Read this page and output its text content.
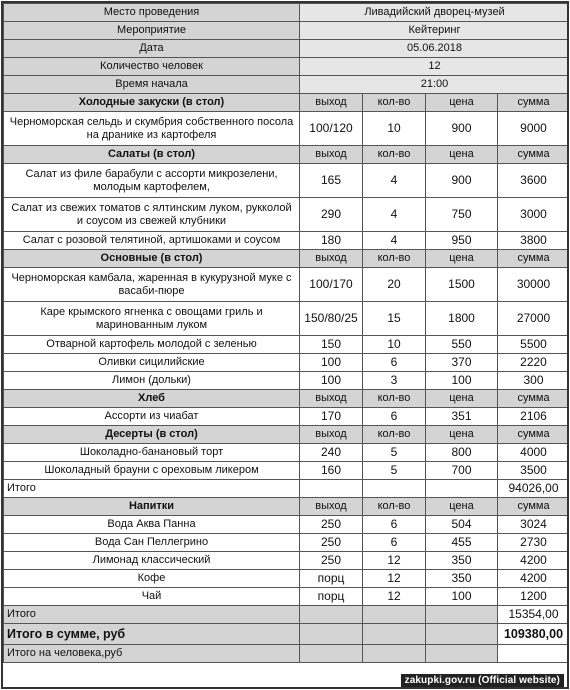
Место проведения	Ливадийский дворец-музей			
Мероприятие	Кейтеринг			
Дата	05.06.2018			
Количество человек	12			
Время начала	21:00			
Холодные закуски (в стол)	выход	кол-во	цена	сумма
Черноморская сельдь и скумбрия собственного посола на дранике из картофеля	100/120	10	900	9000
Салаты (в стол)	выход	кол-во	цена	сумма
Салат из филе барабули с ассорти микрозелени, молодым картофелем,	165	4	900	3600
Салат из свежих томатов с ялтинским луком, рукколой и соусом из свежей клубники	290	4	750	3000
Салат с розовой телятиной, артишоками и соусом	180	4	950	3800
Основные (в стол)	выход	кол-во	цена	сумма
Черноморская камбала, жаренная в кукурузной муке с васаби-пюре	100/170	20	1500	30000
Каре крымского ягненка с овощами гриль и маринованным луком	150/80/25	15	1800	27000
Отварной картофель молодой с зеленью	150	10	550	5500
Оливки сицилийские	100	6	370	2220
Лимон (дольки)	100	3	100	300
Хлеб	выход	кол-во	цена	сумма
Ассорти из чиабат	170	6	351	2106
Десерты (в стол)	выход	кол-во	цена	сумма
Шоколадно-банановый торт	240	5	800	4000
Шоколадный брауни с ореховым ликером	160	5	700	3500
Итого				94026,00
Напитки	выход	кол-во	цена	сумма
Вода Аква Панна	250	6	504	3024
Вода Сан Пеллегрино	250	6	455	2730
Лимонад классический	250	12	350	4200
Кофе	порц	12	350	4200
Чай	порц	12	100	1200
Итого				15354,00
Итого в сумме, руб				109380,00
Итого на человека,руб				
zakupki.gov.ru (Official website)
